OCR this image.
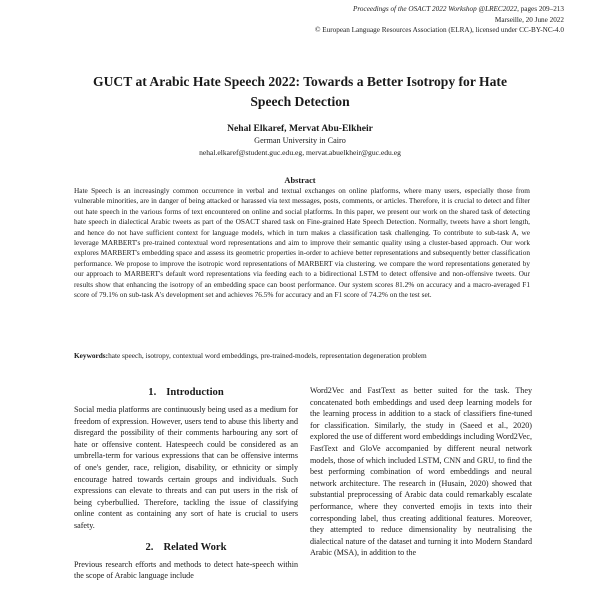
Proceedings of the OSACT 2022 Workshop @LREC2022, pages 209–213
Marseille, 20 June 2022
© European Language Resources Association (ELRA), licensed under CC-BY-NC-4.0
GUCT at Arabic Hate Speech 2022: Towards a Better Isotropy for Hate
Speech Detection
Nehal Elkaref, Mervat Abu-Elkheir
German University in Cairo
nehal.elkaref@student.guc.edu.eg, mervat.abuelkheir@guc.edu.eg
Abstract

Hate Speech is an increasingly common occurrence in verbal and textual exchanges on online platforms, where many users, especially those from vulnerable minorities, are in danger of being attacked or harassed via text messages, posts, comments, or articles. Therefore, it is crucial to detect and filter out hate speech in the various forms of text encountered on online and social platforms. In this paper, we present our work on the shared task of detecting hate speech in dialectical Arabic tweets as part of the OSACT shared task on Fine-grained Hate Speech Detection. Normally, tweets have a short length, and hence do not have sufficient context for language models, which in turn makes a classification task challenging. To contribute to sub-task A, we leverage MARBERT's pre-trained contextual word representations and aim to improve their semantic quality using a cluster-based approach. Our work explores MARBERT's embedding space and assess its geometric properties in-order to achieve better representations and subsequently better classification performance. We propose to improve the isotropic word representations of MARBERT via clustering. we compare the word representations generated by our approach to MARBERT's default word representations via feeding each to a bidirectional LSTM to detect offensive and non-offensive tweets. Our results show that enhancing the isotropy of an embedding space can boost performance. Our system scores 81.2% on accuracy and a macro-averaged F1 score of 79.1% on sub-task A's development set and achieves 76.5% for accuracy and an F1 score of 74.2% on the test set.

Keywords:hate speech, isotropy, contextual word embeddings, pre-trained-models, representation degeneration problem

1. Introduction

Social media platforms are continuously being used as a medium for freedom of expression. However, users tend to abuse this liberty and disregard the possibility of their comments harbouring any sort of hate or offensive content. Hatespeech could be considered as an umbrella-term for various expressions that can be offensive interms of one's gender, race, religion, disability, or ethnicity or simply encourage hatred towards certain groups and individuals. Such expressions can elevate to threats and can put users in the risk of being cyberbullied. Therefore, tackling the issue of classifying online content as containing any sort of hate is crucial to users safety.

2. Related Work

Previous research efforts and methods to detect hate-speech within the scope of Arabic language include

Word2Vec and FastText as better suited for the task. They concatenated both embeddings and used deep learning models for the learning process in addition to a stack of classifiers fine-tuned for classification. Similarly, the study in (Saeed et al., 2020) explored the use of different word embeddings including Word2Vec, FastText and GloVe accompanied by different neural network models, those of which included LSTM, CNN and GRU, to find the best performing combination of word embeddings and neural network architecture. The research in (Husain, 2020) showed that substantial preprocessing of Arabic data could remarkably escalate performance, where they converted emojis in texts into their corresponding label, thus creating additional features. Moreover, they attempted to reduce dimensionality by neutralising the dialectical nature of the dataset and turning it into Modern Standard Arabic (MSA), in addition to the
